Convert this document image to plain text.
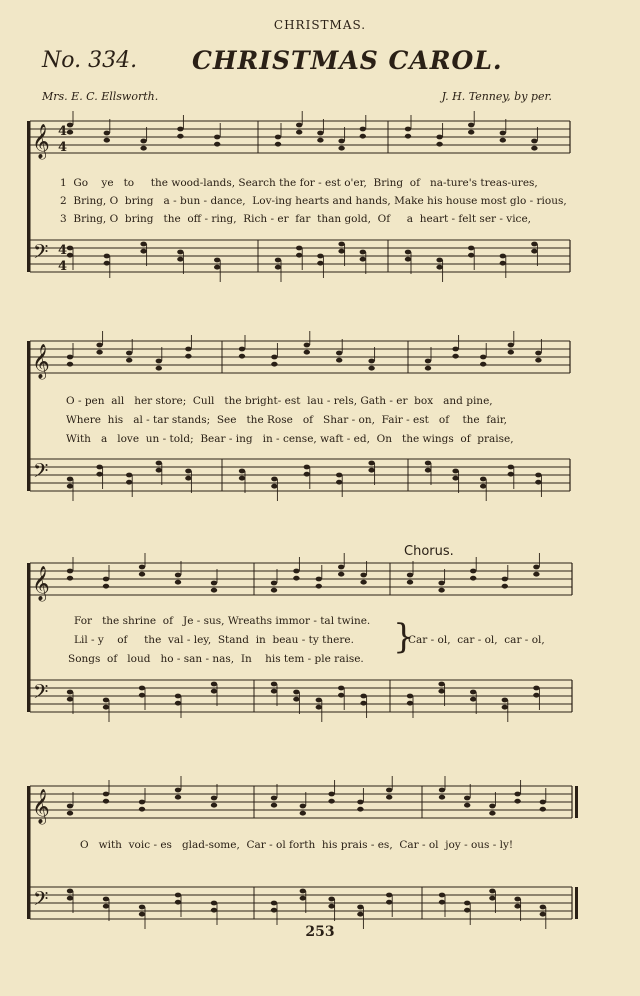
CHRISTMAS.
No. 334. CHRISTMAS CAROL.
Mrs. E. C. Ellsworth.	J. H. Tenney, by per.
𝄞
𝄢
𝄞
𝄢
𝄞
𝄢
𝄞
𝄢
4
4
4
4
1  Go    ye   to     the wood-lands, Search the for - est o'er,  Bring  of   na-ture's treas-ures,
2  Bring, O  bring   a - bun - dance,  Lov-ing hearts and hands, Make his house most glo - rious,
3  Bring, O  bring   the  off - ring,  Rich - er  far  than gold,  Of     a  heart - felt ser - vice,
O - pen  all   her store;  Cull   the bright- est  lau - rels, Gath - er  box   and pine,
Where  his   al - tar stands;  See   the Rose   of   Shar - on,  Fair - est   of    the  fair,
With   a   love  un - told;  Bear - ing   in - cense, waft - ed,  On   the wings  of  praise,
Chorus.
For   the shrine  of   Je - sus, Wreaths immor - tal twine.
Lil - y    of     the  val - ley,  Stand  in  beau - ty there.
Songs  of   loud   ho - san - nas,  In    his tem - ple raise.
}
Car - ol,  car - ol,  car - ol,
O   with  voic - es   glad-some,  Car - ol forth  his prais - es,  Car - ol  joy - ous - ly!
253
